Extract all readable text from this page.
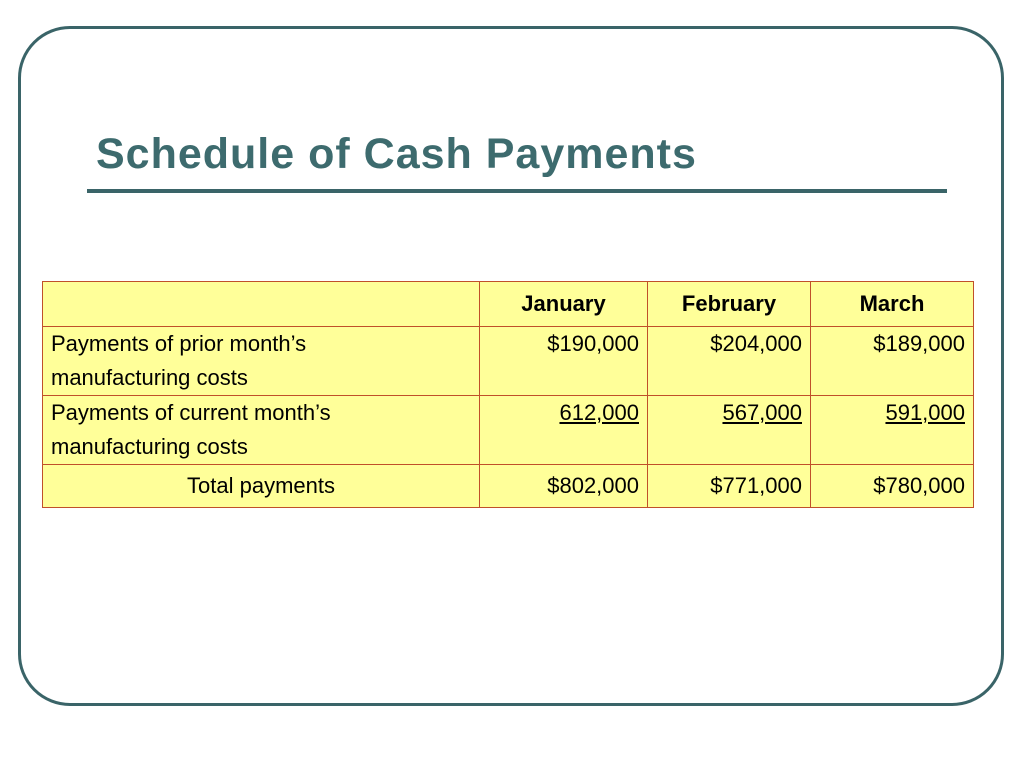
Schedule of Cash Payments
	January	February	March
Payments of prior month’s
manufacturing costs	$190,000	$204,000	$189,000
Payments of current month’s
manufacturing costs	612,000	567,000	591,000
Total payments	$802,000	$771,000	$780,000
